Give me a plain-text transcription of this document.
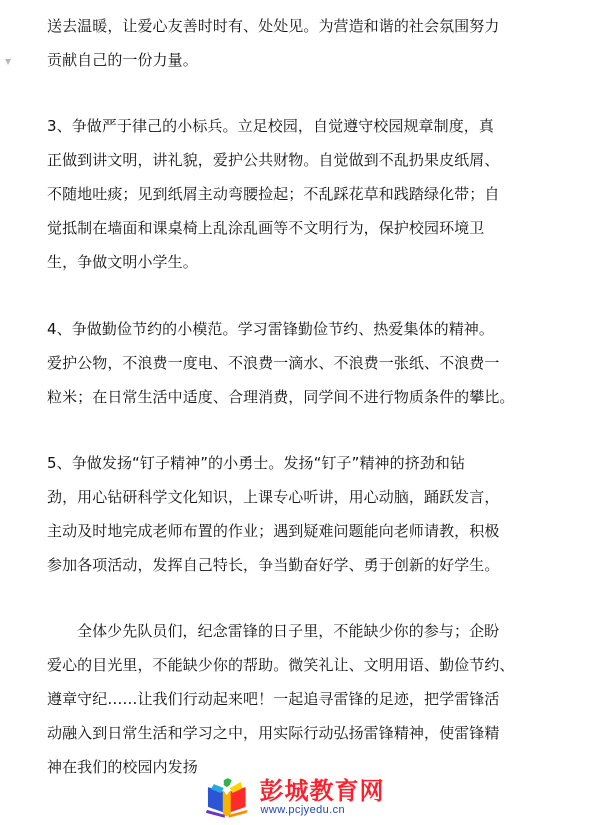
▼
送去温暖，让爱心友善时时有、处处见。为营造和谐的社会氛围努力
贡献自己的一份力量。
3、争做严于律己的小标兵。立足校园，自觉遵守校园规章制度，真
正做到讲文明，讲礼貌，爱护公共财物。自觉做到不乱扔果皮纸屑、
不随地吐痰；见到纸屑主动弯腰捡起；不乱踩花草和践踏绿化带；自
觉抵制在墙面和课桌椅上乱涂乱画等不文明行为，保护校园环境卫
生，争做文明小学生。
4、争做勤俭节约的小模范。学习雷锋勤俭节约、热爱集体的精神。
爱护公物，不浪费一度电、不浪费一滴水、不浪费一张纸、不浪费一
粒米；在日常生活中适度、合理消费，同学间不进行物质条件的攀比。
5、争做发扬“钉子精神”的小勇士。发扬“钉子”精神的挤劲和钻
劲，用心钻研科学文化知识，上课专心听讲，用心动脑，踊跃发言，
主动及时地完成老师布置的作业；遇到疑难问题能向老师请教，积极
参加各项活动，发挥自己特长，争当勤奋好学、勇于创新的好学生。
全体少先队员们，纪念雷锋的日子里，不能缺少你的参与；企盼
爱心的目光里，不能缺少你的帮助。微笑礼让、文明用语、勤俭节约、
遵章守纪……让我们行动起来吧！一起追寻雷锋的足迹，把学雷锋活
动融入到日常生活和学习之中，用实际行动弘扬雷锋精神，使雷锋精
神在我们的校园内发扬
彭城教育网
www.pcjyedu.cn
